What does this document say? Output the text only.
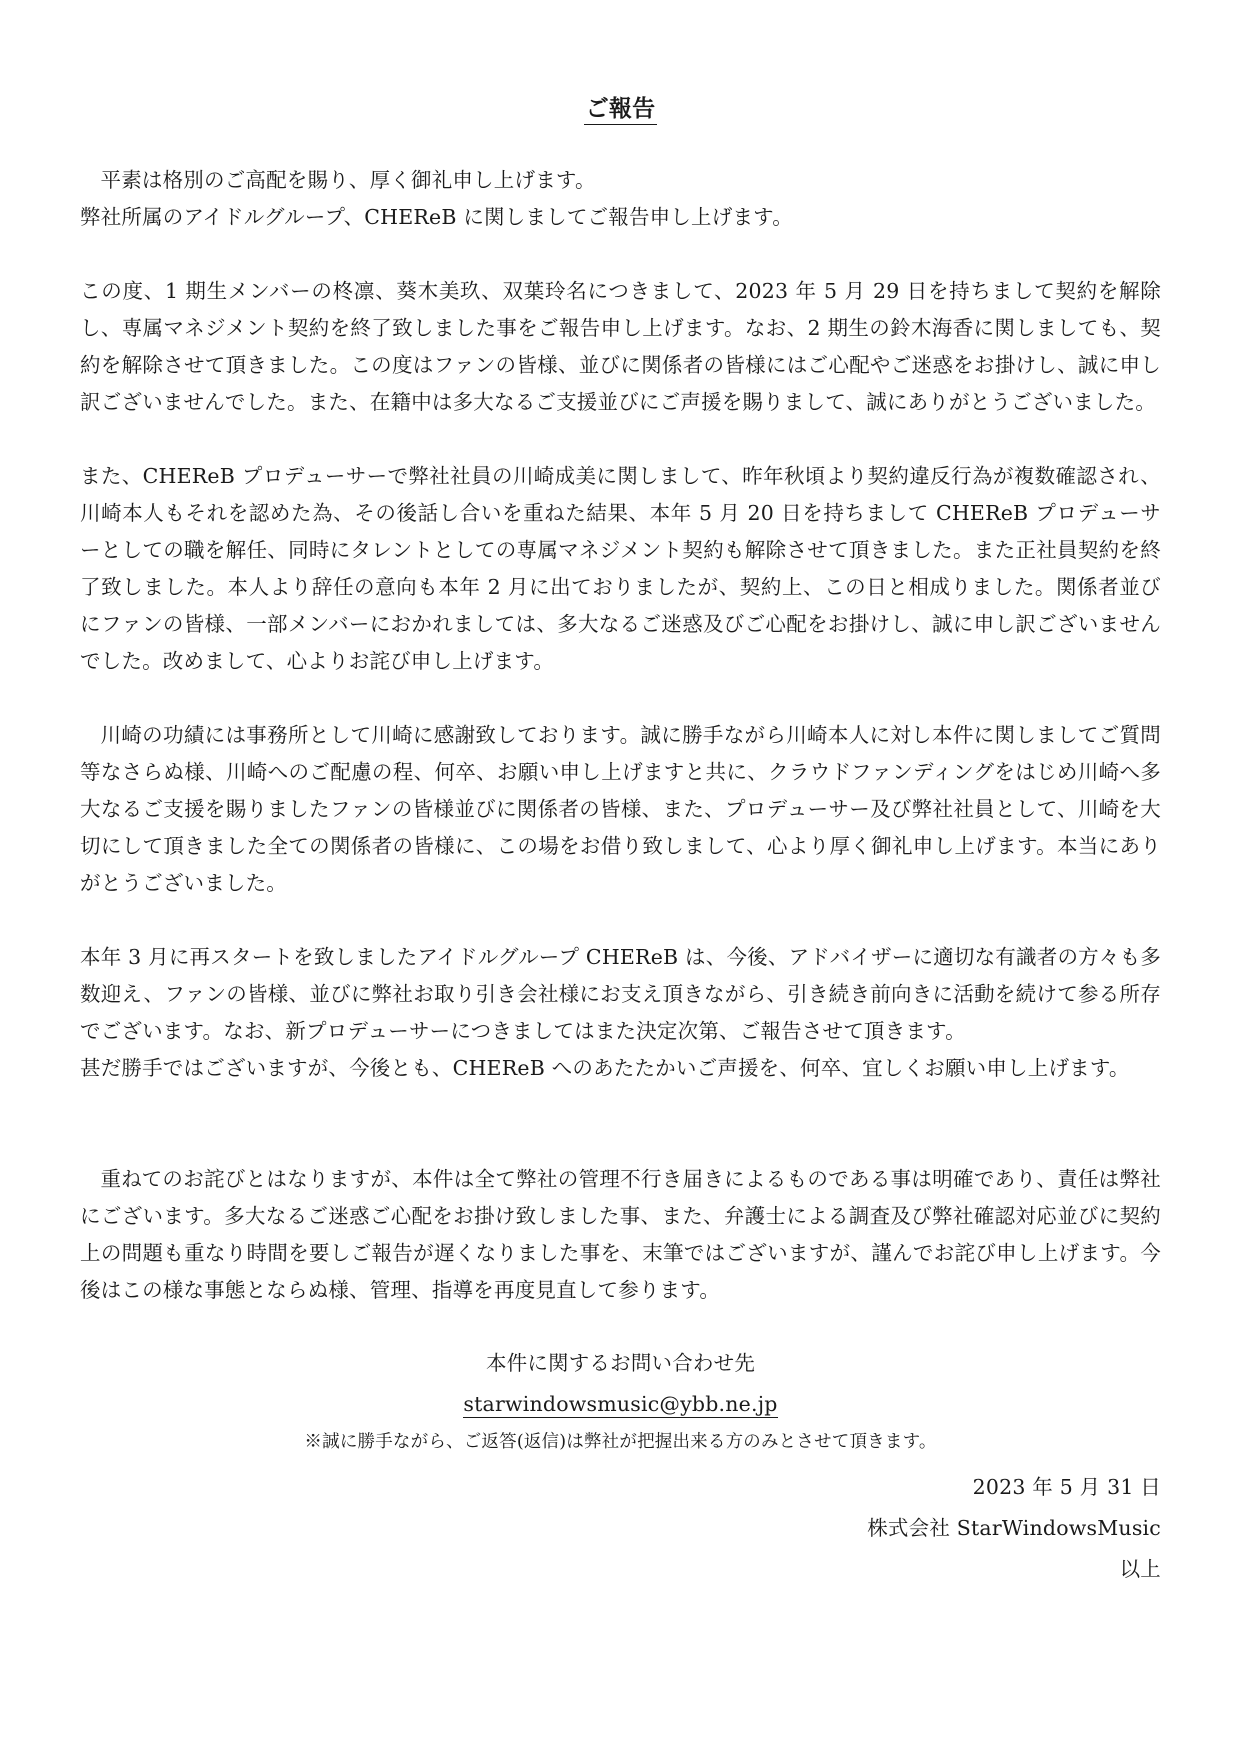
ご報告

平素は格別のご高配を賜り、厚く御礼申し上げます。

弊社所属のアイドルグループ、CHEReB に関しましてご報告申し上げます。

この度、1 期生メンバーの柊凛、葵木美玖、双葉玲名につきまして、2023 年 5 月 29 日を持ちまして契約を解除し、専属マネジメント契約を終了致しました事をご報告申し上げます。なお、2 期生の鈴木海香に関しましても、契約を解除させて頂きました。この度はファンの皆様、並びに関係者の皆様にはご心配やご迷惑をお掛けし、誠に申し訳ございませんでした。また、在籍中は多大なるご支援並びにご声援を賜りまして、誠にありがとうございました。

また、CHEReB プロデューサーで弊社社員の川崎成美に関しまして、昨年秋頃より契約違反行為が複数確認され、川崎本人もそれを認めた為、その後話し合いを重ねた結果、本年 5 月 20 日を持ちまして CHEReB プロデューサーとしての職を解任、同時にタレントとしての専属マネジメント契約も解除させて頂きました。また正社員契約を終了致しました。本人より辞任の意向も本年 2 月に出ておりましたが、契約上、この日と相成りました。関係者並びにファンの皆様、一部メンバーにおかれましては、多大なるご迷惑及びご心配をお掛けし、誠に申し訳ございませんでした。改めまして、心よりお詫び申し上げます。

川崎の功績には事務所として川崎に感謝致しております。誠に勝手ながら川崎本人に対し本件に関しましてご質問等なさらぬ様、川崎へのご配慮の程、何卒、お願い申し上げますと共に、クラウドファンディングをはじめ川崎へ多大なるご支援を賜りましたファンの皆様並びに関係者の皆様、また、プロデューサー及び弊社社員として、川崎を大切にして頂きました全ての関係者の皆様に、この場をお借り致しまして、心より厚く御礼申し上げます。本当にありがとうございました。

本年 3 月に再スタートを致しましたアイドルグループ CHEReB は、今後、アドバイザーに適切な有識者の方々も多数迎え、ファンの皆様、並びに弊社お取り引き会社様にお支え頂きながら、引き続き前向きに活動を続けて参る所存でございます。なお、新プロデューサーにつきましてはまた決定次第、ご報告させて頂きます。

甚だ勝手ではございますが、今後とも、CHEReB へのあたたかいご声援を、何卒、宜しくお願い申し上げます。

重ねてのお詫びとはなりますが、本件は全て弊社の管理不行き届きによるものである事は明確であり、責任は弊社にございます。多大なるご迷惑ご心配をお掛け致しました事、また、弁護士による調査及び弊社確認対応並びに契約上の問題も重なり時間を要しご報告が遅くなりました事を、末筆ではございますが、謹んでお詫び申し上げます。今後はこの様な事態とならぬ様、管理、指導を再度見直して参ります。

本件に関するお問い合わせ先
starwindowsmusic@ybb.ne.jp
※誠に勝手ながら、ご返答(返信)は弊社が把握出来る方のみとさせて頂きます。
2023 年 5 月 31 日
株式会社 StarWindowsMusic
以上
